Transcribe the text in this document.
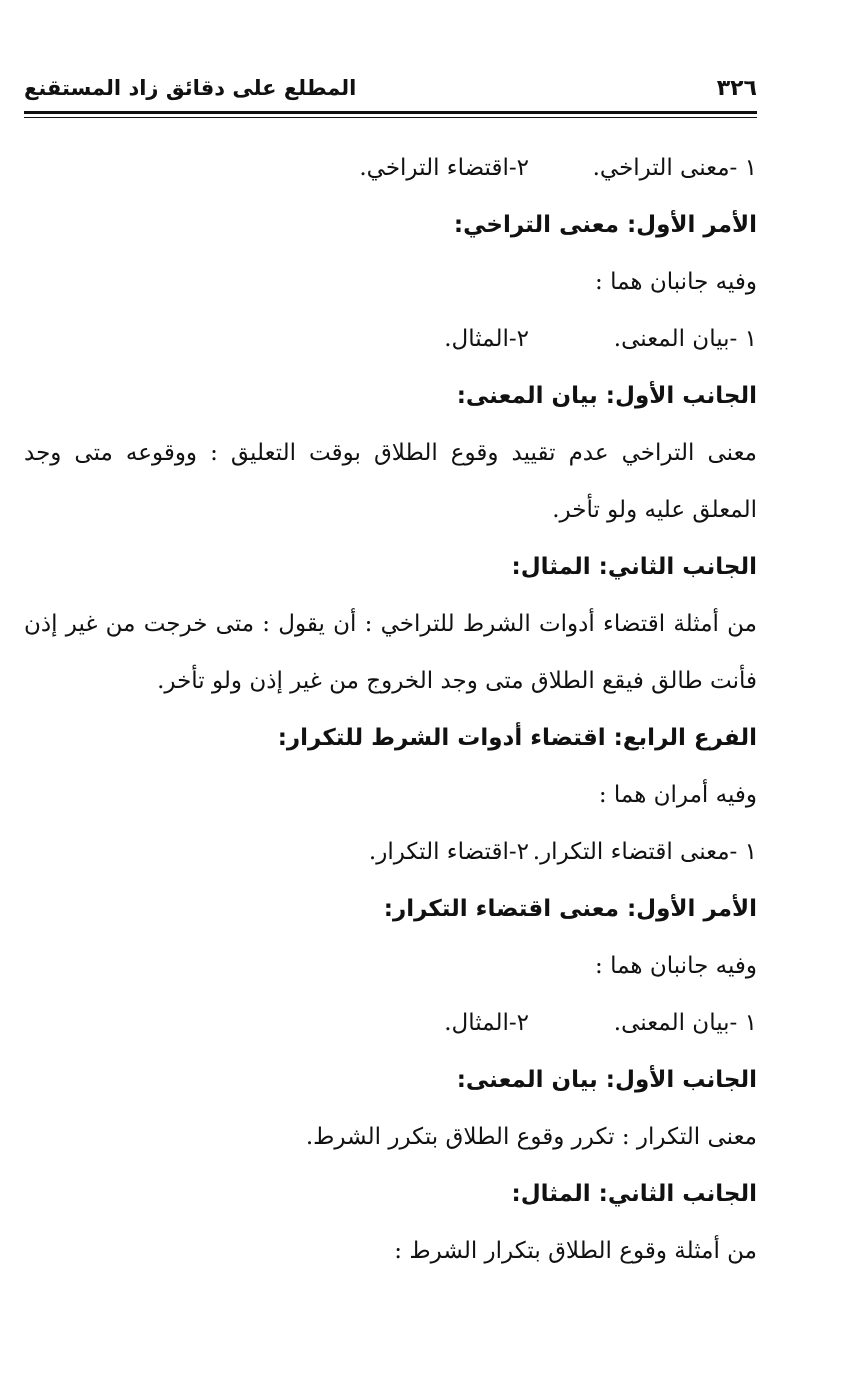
المطلع على دقائق زاد المستقنع	٣٢٦
١ -معنى التراخي.
٢-اقتضاء التراخي.
الأمر الأول: معنى التراخي:
وفيه جانبان هما :
١ -بيان المعنى.
٢-المثال.
الجانب الأول: بيان المعنى:
معنى التراخي عدم تقييد وقوع الطلاق بوقت التعليق : ووقوعه متى وجد المعلق عليه ولو تأخر.
الجانب الثاني: المثال:
من أمثلة اقتضاء أدوات الشرط للتراخي : أن يقول : متى خرجت من غير إذن فأنت طالق فيقع الطلاق متى وجد الخروج من غير إذن ولو تأخر.
الفرع الرابع: اقتضاء أدوات الشرط للتكرار:
وفيه أمران هما :
١ -معنى اقتضاء التكرار.
٢-اقتضاء التكرار.
الأمر الأول: معنى اقتضاء التكرار:
وفيه جانبان هما :
١ -بيان المعنى.
٢-المثال.
الجانب الأول: بيان المعنى:
معنى التكرار : تكرر وقوع الطلاق بتكرر الشرط.
الجانب الثاني: المثال:
من أمثلة وقوع الطلاق بتكرار الشرط :
